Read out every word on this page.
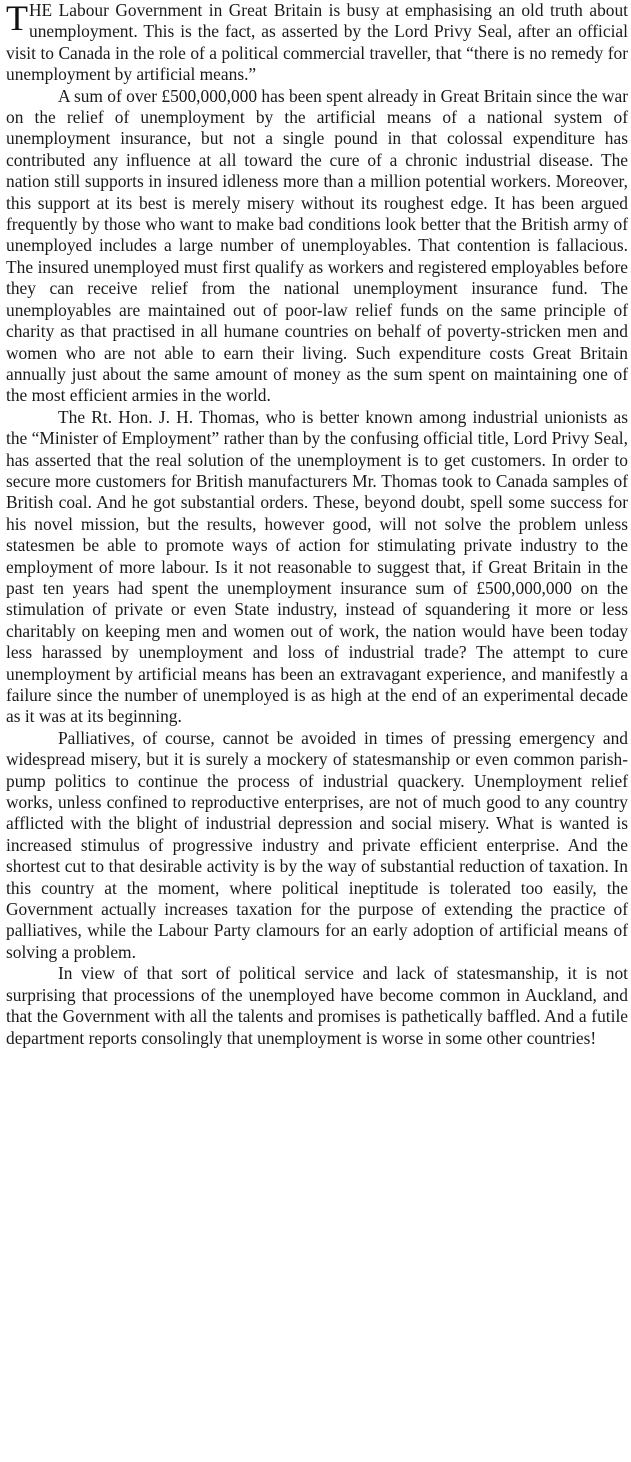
THE Labour Government in Great Britain is busy at emphasising an old truth about unemployment. This is the fact, as asserted by the Lord Privy Seal, after an official visit to Canada in the role of a political commercial traveller, that “there is no remedy for unemployment by artificial means.”

A sum of over £500,000,000 has been spent already in Great Britain since the war on the relief of unemployment by the artificial means of a national system of unemployment insurance, but not a single pound in that colossal expenditure has contributed any influence at all toward the cure of a chronic industrial disease. The nation still supports in insured idleness more than a million potential workers. Moreover, this support at its best is merely misery without its roughest edge. It has been argued frequently by those who want to make bad conditions look better that the British army of unemployed includes a large number of unemployables. That contention is fallacious. The insured unemployed must first qualify as workers and registered employables before they can receive relief from the national unemployment insurance fund. The unemployables are maintained out of poor-law relief funds on the same principle of charity as that practised in all humane countries on behalf of poverty-stricken men and women who are not able to earn their living. Such expenditure costs Great Britain annually just about the same amount of money as the sum spent on maintaining one of the most efficient armies in the world.

The Rt. Hon. J. H. Thomas, who is better known among industrial unionists as the “Minister of Employment” rather than by the confusing official title, Lord Privy Seal, has asserted that the real solution of the unemployment is to get customers. In order to secure more customers for British manufacturers Mr. Thomas took to Canada samples of British coal. And he got substantial orders. These, beyond doubt, spell some success for his novel mission, but the results, however good, will not solve the problem unless statesmen be able to promote ways of action for stimulating private industry to the employment of more labour. Is it not reasonable to suggest that, if Great Britain in the past ten years had spent the unemployment insurance sum of £500,000,000 on the stimulation of private or even State industry, instead of squandering it more or less charitably on keeping men and women out of work, the nation would have been today less harassed by unemployment and loss of industrial trade? The attempt to cure unemployment by artificial means has been an extravagant experience, and manifestly a failure since the number of unemployed is as high at the end of an experimental decade as it was at its beginning.

Palliatives, of course, cannot be avoided in times of pressing emergency and widespread misery, but it is surely a mockery of statesmanship or even common parish-pump politics to continue the process of industrial quackery. Unemployment relief works, unless confined to reproductive enterprises, are not of much good to any country afflicted with the blight of industrial depression and social misery. What is wanted is increased stimulus of progressive industry and private efficient enterprise. And the shortest cut to that desirable activity is by the way of substantial reduction of taxation. In this country at the moment, where political ineptitude is tolerated too easily, the Government actually increases taxation for the purpose of extending the practice of palliatives, while the Labour Party clamours for an early adoption of artificial means of solving a problem.

In view of that sort of political service and lack of statesmanship, it is not surprising that processions of the unemployed have become common in Auckland, and that the Government with all the talents and promises is pathetically baffled. And a futile department reports consolingly that unemployment is worse in some other countries!
